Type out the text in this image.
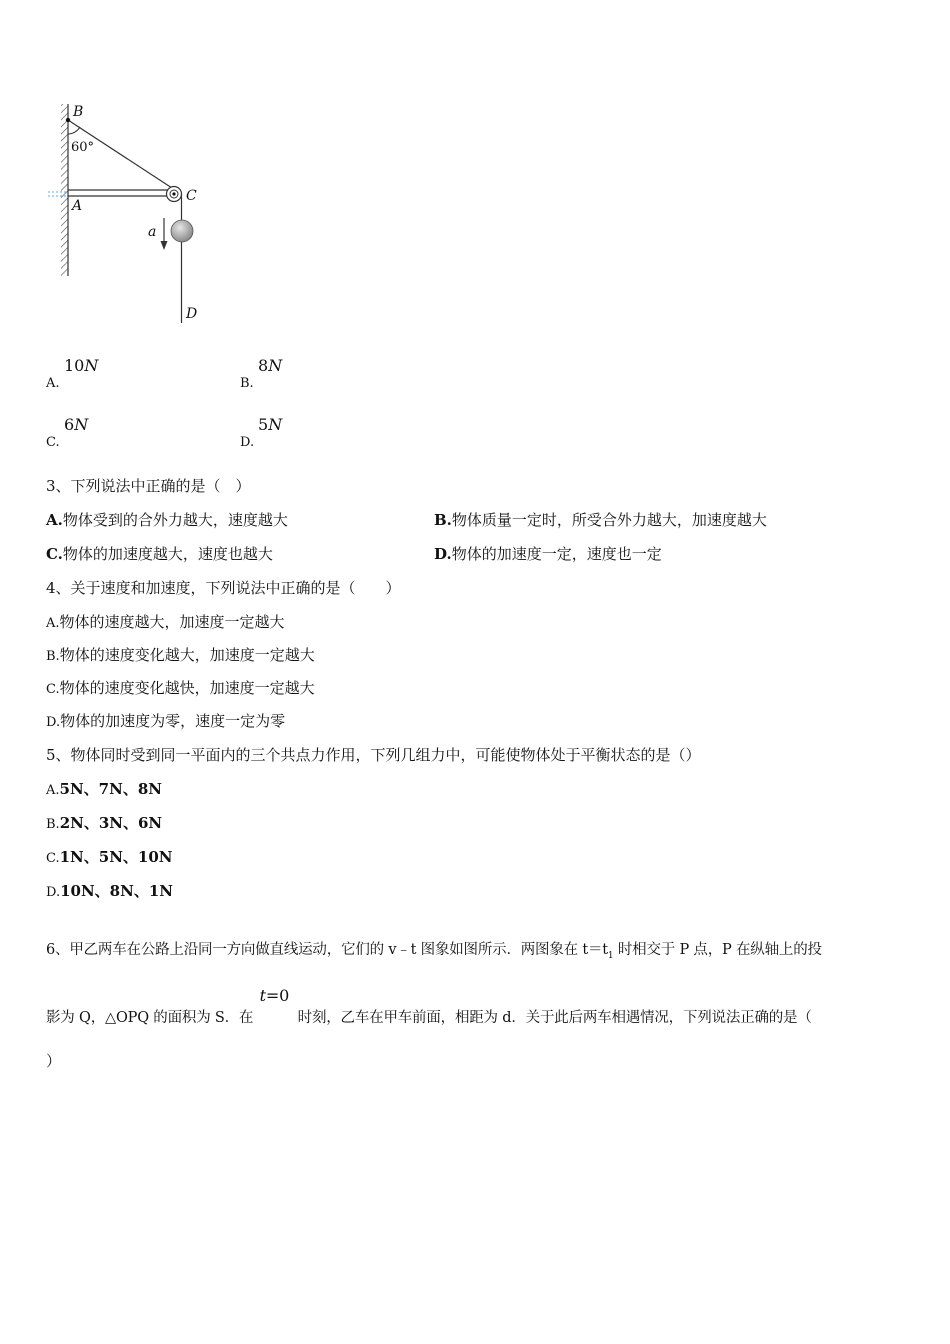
B
60°
A
C
a
D
A.
10N
B.
8N
C.
6N
D.
5N
3、下列说法中正确的是（　）
A.物体受到的合外力越大，速度越大	B.物体质量一定时，所受合外力越大，加速度越大
C.物体的加速度越大，速度也越大	D.物体的加速度一定，速度也一定
4、关于速度和加速度，下列说法中正确的是（　　）
A.物体的速度越大，加速度一定越大
B.物体的速度变化越大，加速度一定越大
C.物体的速度变化越快，加速度一定越大
D.物体的加速度为零，速度一定为零
5、物体同时受到同一平面内的三个共点力作用，下列几组力中，可能使物体处于平衡状态的是（）
A.5N、7N、8N
B.2N、3N、6N
C.1N、5N、10N
D.10N、8N、1N
6、甲乙两车在公路上沿同一方向做直线运动，它们的 v﹣t 图象如图所示．两图象在 $t=t_1$ 时相交于 P 点，P 在纵轴上的投
影为 Q，△OPQ 的面积为 S．在
t=0
时刻，乙车在甲车前面，相距为 d．关于此后两车相遇情况，下列说法正确的是（
）
